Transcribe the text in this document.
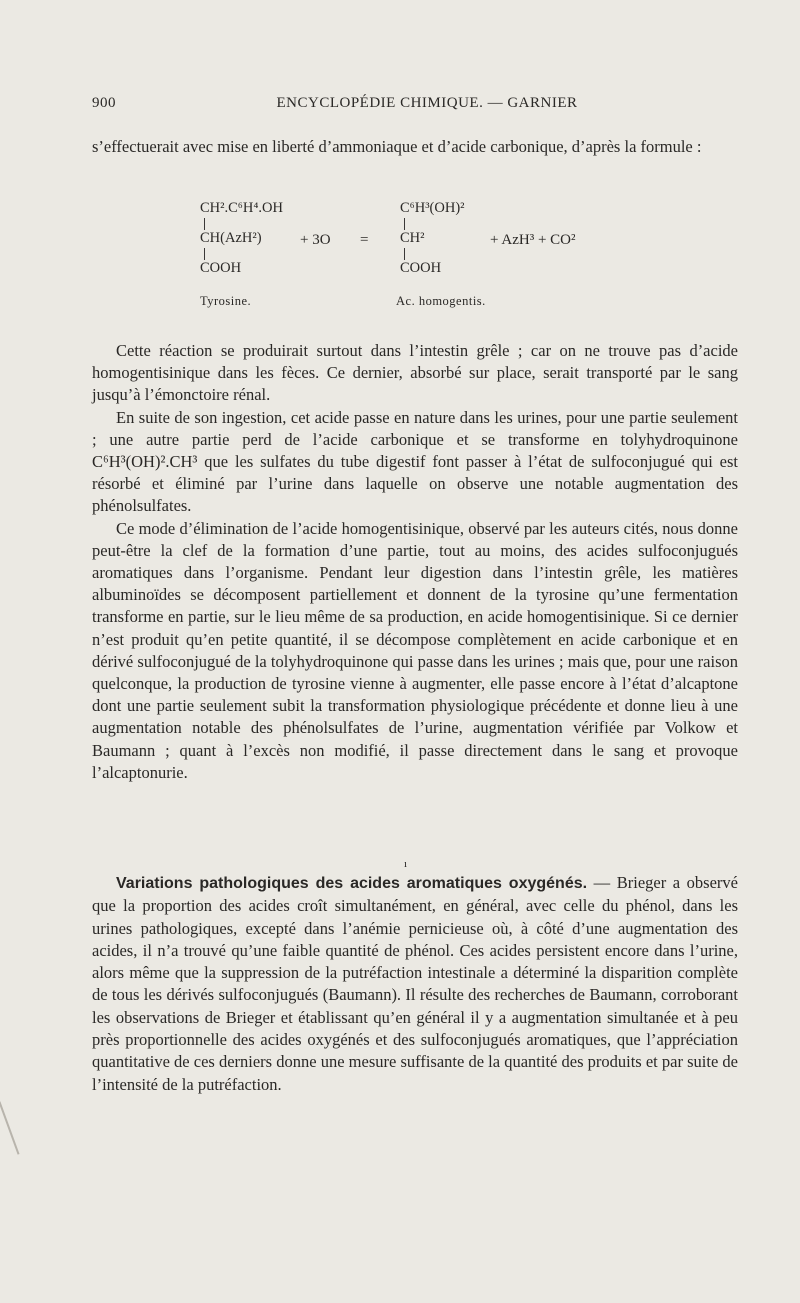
900	ENCYCLOPÉDIE CHIMIQUE. — GARNIER

s’effectuerait avec mise en liberté d’ammoniaque et d’acide carbonique, d’après la formule :

CH².C⁶H⁴.OH
CH(AzH²)
COOH
Tyrosine.
+ 3O =
C⁶H³(OH)²
CH²
COOH
Ac. homogentis.
+ AzH³ + CO²

Cette réaction se produirait surtout dans l’intestin grêle ; car on ne trouve pas d’acide homogentisinique dans les fèces. Ce dernier, absorbé sur place, serait transporté par le sang jusqu’à l’émonctoire rénal.

En suite de son ingestion, cet acide passe en nature dans les urines, pour une partie seulement ; une autre partie perd de l’acide carbonique et se transforme en tolyhydroquinone C⁶H³(OH)².CH³ que les sulfates du tube digestif font passer à l’état de sulfoconjugué qui est résorbé et éliminé par l’urine dans laquelle on observe une notable augmentation des phénolsulfates.

Ce mode d’élimination de l’acide homogentisinique, observé par les auteurs cités, nous donne peut-être la clef de la formation d’une partie, tout au moins, des acides sulfoconjugués aromatiques dans l’organisme. Pendant leur digestion dans l’intestin grêle, les matières albuminoïdes se décomposent partiellement et donnent de la tyrosine qu’une fermentation transforme en partie, sur le lieu même de sa production, en acide homogentisinique. Si ce dernier n’est produit qu’en petite quantité, il se décompose complètement en acide carbonique et en dérivé sulfoconjugué de la tolyhydroquinone qui passe dans les urines ; mais que, pour une raison quelconque, la production de tyrosine vienne à augmenter, elle passe encore à l’état d’alcaptone dont une partie seulement subit la transformation physiologique précédente et donne lieu à une augmentation notable des phénolsulfates de l’urine, augmentation vérifiée par Volkow et Baumann ; quant à l’excès non modifié, il passe directement dans le sang et provoque l’alcaptonurie.

ı

Variations pathologiques des acides aromatiques oxygénés. — Brieger a observé que la proportion des acides croît simultanément, en général, avec celle du phénol, dans les urines pathologiques, excepté dans l’anémie pernicieuse où, à côté d’une augmentation des acides, il n’a trouvé qu’une faible quantité de phénol. Ces acides persistent encore dans l’urine, alors même que la suppression de la putréfaction intestinale a déterminé la disparition complète de tous les dérivés sulfoconjugués (Baumann). Il résulte des recherches de Baumann, corroborant les observations de Brieger et établissant qu’en général il y a augmentation simultanée et à peu près proportionnelle des acides oxygénés et des sulfoconjugués aromatiques, que l’appréciation quantitative de ces derniers donne une mesure suffisante de la quantité des produits et par suite de l’intensité de la putréfaction.
